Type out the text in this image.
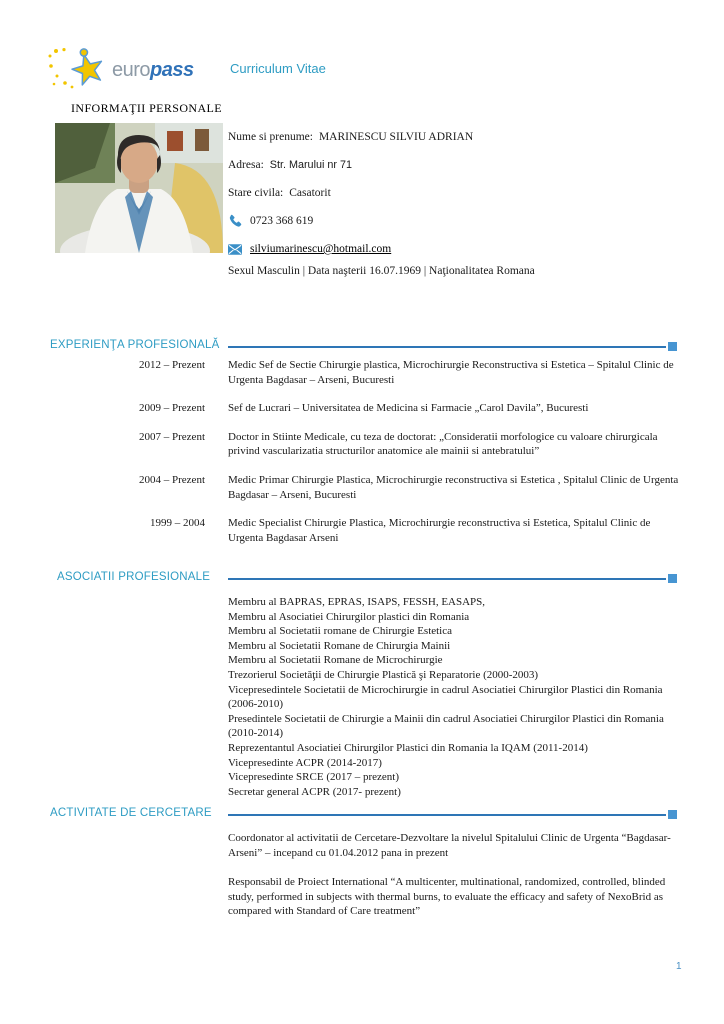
europass	Curriculum Vitae
INFORMAŢII PERSONALE
Nume si prenume: MARINESCU SILVIU ADRIAN
Adresa: Str. Marului nr 71
Stare civila: Casatorit
0723 368 619
silviumarinescu@hotmail.com
Sexul Masculin | Data naşterii 16.07.1969 | Naţionalitatea Romana
EXPERIENŢA PROFESIONALĂ
2012 – Prezent Medic Sef de Sectie Chirurgie plastica, Microchirurgie Reconstructiva si Estetica – Spitalul Clinic de Urgenta Bagdasar – Arseni, Bucuresti
2009 – Prezent Sef de Lucrari – Universitatea de Medicina si Farmacie „Carol Davila”, Bucuresti
2007 – Prezent Doctor in Stiinte Medicale, cu teza de doctorat: „Consideratii morfologice cu valoare chirurgicala privind vascularizatia structurilor anatomice ale mainii si antebratului”
2004 – Prezent Medic Primar Chirurgie Plastica, Microchirurgie reconstructiva si Estetica , Spitalul Clinic de Urgenta Bagdasar – Arseni, Bucuresti
1999 – 2004 Medic Specialist Chirurgie Plastica, Microchirurgie reconstructiva si Estetica, Spitalul Clinic de Urgenta Bagdasar Arseni
ASOCIATII PROFESIONALE
Membru al BAPRAS, EPRAS, ISAPS, FESSH, EASAPS,
Membru al Asociatiei Chirurgilor plastici din Romania
Membru al Societatii romane de Chirurgie Estetica
Membru al Societatii Romane de Chirurgia Mainii
Membru al Societatii Romane de Microchirurgie
Trezorierul Societăţii de Chirurgie Plastică şi Reparatorie (2000-2003)
Vicepresedintele Societatii de Microchirurgie in cadrul Asociatiei Chirurgilor Plastici din Romania (2006-2010)
Presedintele Societatii de Chirurgie a Mainii din cadrul Asociatiei Chirurgilor Plastici din Romania (2010-2014)
Reprezentantul Asociatiei Chirurgilor Plastici din Romania la IQAM (2011-2014)
Vicepresedinte ACPR (2014-2017)
Vicepresedinte SRCE (2017 – prezent)
Secretar general ACPR (2017- prezent)
ACTIVITATE DE CERCETARE
Coordonator al activitatii de Cercetare-Dezvoltare la nivelul Spitalului Clinic de Urgenta “Bagdasar-Arseni” – incepand cu 01.04.2012 pana in prezent
Responsabil de Proiect International “A multicenter, multinational, randomized, controlled, blinded study, performed in subjects with thermal burns, to evaluate the efficacy and safety of NexoBrid as compared with Standard of Care treatment”
1
